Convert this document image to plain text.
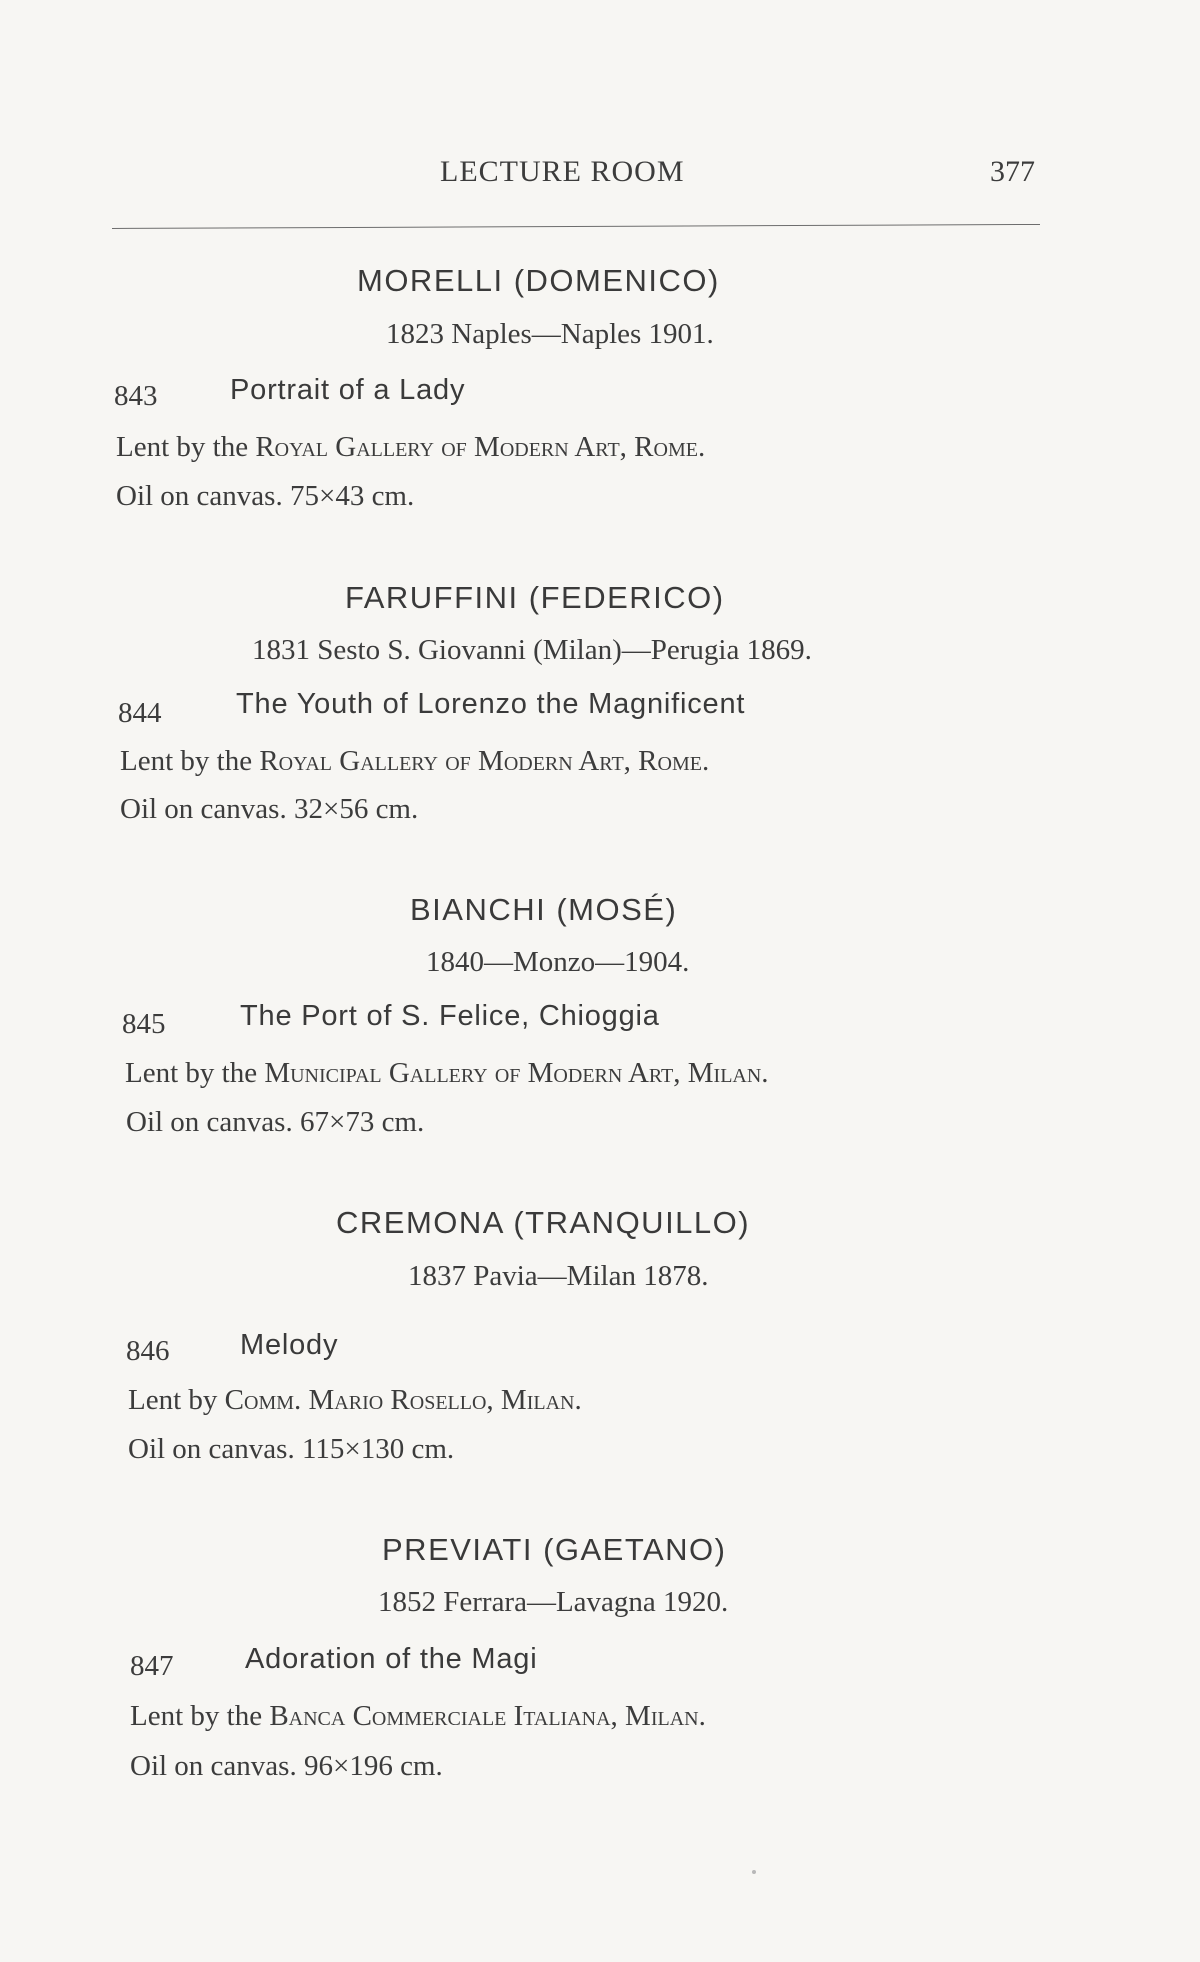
LECTURE ROOM	377
MORELLI (DOMENICO)
1823 Naples—Naples 1901.
843	Portrait of a Lady
Lent by the Royal Gallery of Modern Art, Rome.
Oil on canvas. 75×43 cm.
FARUFFINI (FEDERICO)
1831 Sesto S. Giovanni (Milan)—Perugia 1869.
844	The Youth of Lorenzo the Magnificent
Lent by the Royal Gallery of Modern Art, Rome.
Oil on canvas. 32×56 cm.
BIANCHI (MOSÉ)
1840—Monzo—1904.
845	The Port of S. Felice, Chioggia
Lent by the Municipal Gallery of Modern Art, Milan.
Oil on canvas. 67×73 cm.
CREMONA (TRANQUILLO)
1837 Pavia—Milan 1878.
846 Melody
Lent by Comm. Mario Rosello, Milan.
Oil on canvas. 115×130 cm.
PREVIATI (GAETANO)
1852 Ferrara—Lavagna 1920.
847 Adoration of the Magi
Lent by the Banca Commerciale Italiana, Milan.
Oil on canvas. 96×196 cm.
